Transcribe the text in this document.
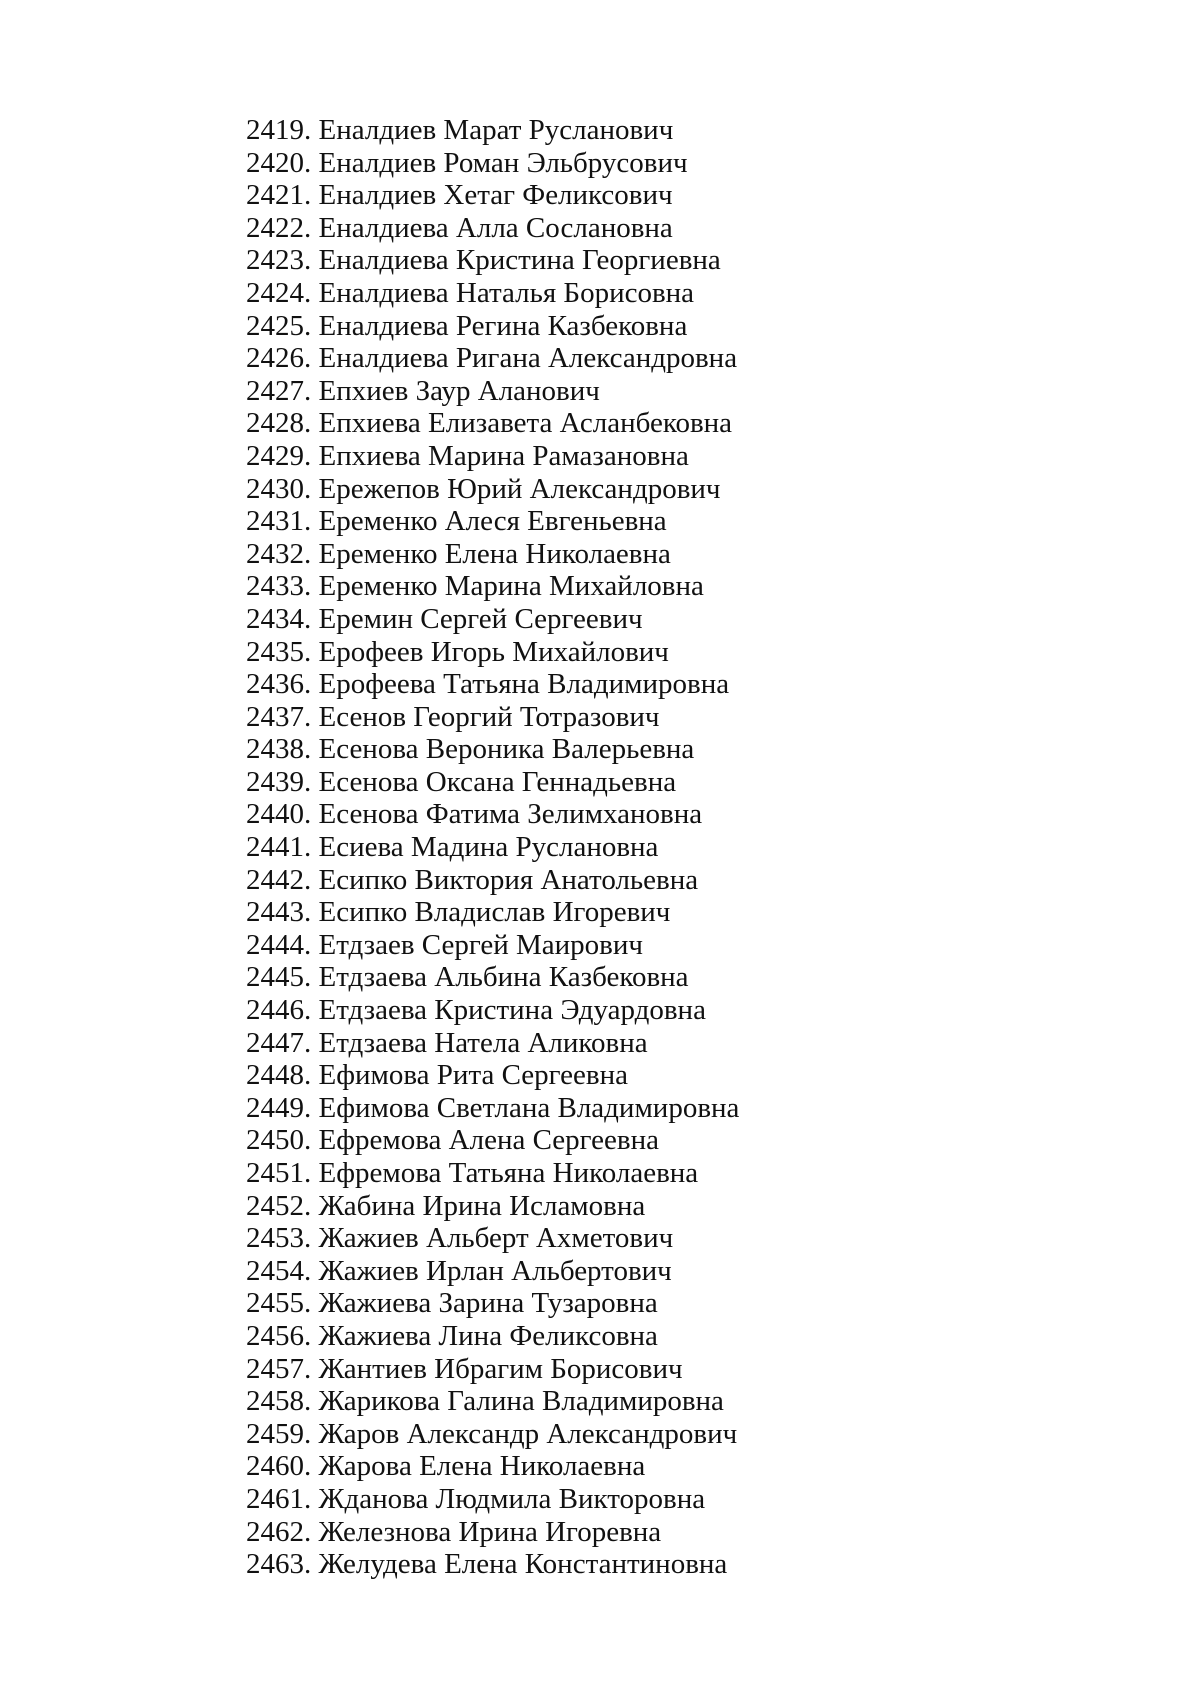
2419. Еналдиев Марат Русланович
2420. Еналдиев Роман Эльбрусович
2421. Еналдиев Хетаг Феликсович
2422. Еналдиева Алла Сослановна
2423. Еналдиева Кристина Георгиевна
2424. Еналдиева Наталья Борисовна
2425. Еналдиева Регина Казбековна
2426. Еналдиева Ригана Александровна
2427. Епхиев Заур Аланович
2428. Епхиева Елизавета Асланбековна
2429. Епхиева Марина Рамазановна
2430. Ережепов Юрий Александрович
2431. Еременко Алеся Евгеньевна
2432. Еременко Елена Николаевна
2433. Еременко Марина Михайловна
2434. Еремин Сергей Сергеевич
2435. Ерофеев Игорь Михайлович
2436. Ерофеева Татьяна Владимировна
2437. Есенов Георгий Тотразович
2438. Есенова Вероника Валерьевна
2439. Есенова Оксана Геннадьевна
2440. Есенова Фатима Зелимхановна
2441. Есиева Мадина Руслановна
2442. Есипко Виктория Анатольевна
2443. Есипко Владислав Игоревич
2444. Етдзаев Сергей Маирович
2445. Етдзаева Альбина Казбековна
2446. Етдзаева Кристина Эдуардовна
2447. Етдзаева Натела Аликовна
2448. Ефимова Рита Сергеевна
2449. Ефимова Светлана Владимировна
2450. Ефремова Алена Сергеевна
2451. Ефремова Татьяна Николаевна
2452. Жабина Ирина Исламовна
2453. Жажиев Альберт Ахметович
2454. Жажиев Ирлан Альбертович
2455. Жажиева Зарина Тузаровна
2456. Жажиева Лина Феликсовна
2457. Жантиев Ибрагим Борисович
2458. Жарикова Галина Владимировна
2459. Жаров Александр Александрович
2460. Жарова Елена Николаевна
2461. Жданова Людмила Викторовна
2462. Железнова Ирина Игоревна
2463. Желудева Елена Константиновна
